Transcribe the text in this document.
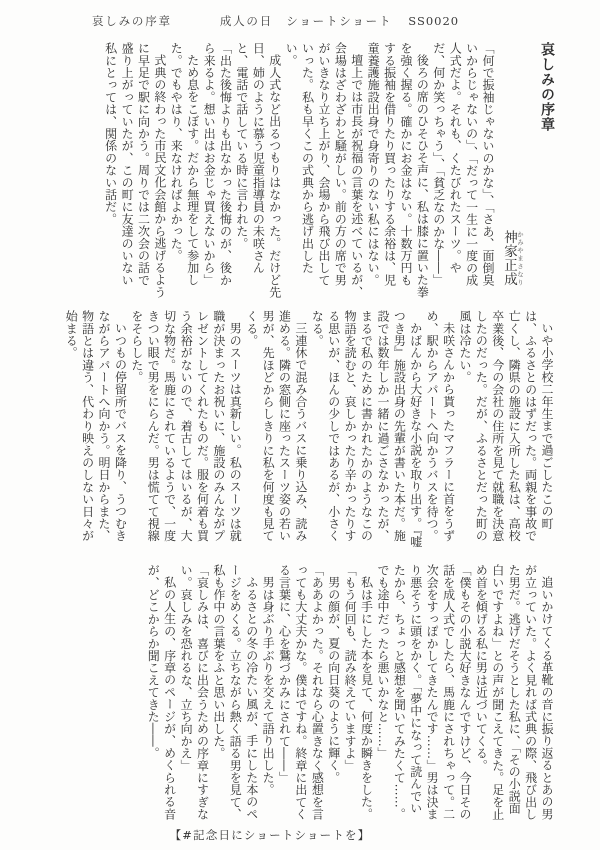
哀しみの序章	成人の日　ショートショート SS0020
哀しみの序章
神家正成 かみやまさなり

「何で振袖じゃないのかな」、「さあ、面倒臭いからじゃないの」、「だって一生に一度の成人式だよ。それも、くたびれたスーツ。やだ、何か笑っちゃう」、「貧乏なのかな――」

後ろの席のひそひそ声に、私は膝に置いた拳を強く握る。確かにお金はない。十数万円もする振袖を借りたり買ったりする余裕は、児童養護施設出身で身寄りのない私にはない。

壇上では市長が祝福の言葉を述べているが、会場はざわざわと騒がしい。前の方の席で男がいきなり立ち上がり、会場から飛び出していった。私も早くこの式典から逃げ出したい。

成人式など出るつもりはなかった。だけど先日、姉のように慕う児童指導員の未咲さんと、電話で話している時に言われた。

「出た後悔よりも出なかった後悔のが、後から来るよ。想い出はお金じゃ買えないから」

ため息をこぼす。だから無理をして参加した。でもやはり、来なければよかった。

式典の終わった市民文化会館から逃げるように早足で駅に向かう。周りでは二次会の話で盛り上がっていたが、この町に友達のいない私にとっては、関係のない話だ。

いや小学校二年生まで過ごしたこの町は、ふるさとのはずだった。両親を事故で亡くし、隣県の施設に入所した私は、高校卒業後、今の会社の住所を見て就職を決意したのだった。だが、ふるさとだった町の風は冷たい。

未咲さんから貰ったマフラーに首をうずめ、駅からアパートへ向かうバスを待つ。

かばんから大好きな小説を取り出す。『嘘つき男』施設出身の先輩が書いた本だ。施設では数年しか一緒に過ごさなかったが、まるで私のために書かれたかのようなこの物語を読むと、哀しかったり辛かったりする思いが、ほんの少しではあるが、小さくなる。

三連休で混み合うバスに乗り込み、読み進める。隣の窓側に座ったスーツ姿の若い男が、先ほどからしきりに私を何度も見てくる。

男のスーツは真新しい。私のスーツは就職が決まったお祝いに、施設のみんながプレゼントしてくれたものだ。服を何着も買う余裕がないので、着古してはいるが、大切な物だ。馬鹿にされているようで、一度きつい眼で男をにらんだ。男は慌てて視線をそらした。

いつもの停留所でバスを降り、うつむきながらアパートへ向かう。明日からまた、物語とは違う、代わり映えのしない日々が始まる。

追いかけてくる革靴の音に振り返るとあの男が立っていた。よく見れば式典の際、飛び出した男だ。逃げだそうとした私に、「その小説面白いですよね」との声が聞こえてきた。足を止め首を傾げる私に男は近づいてくる。

「僕もその小説大好きなんですけど、今日その話を成人式でしたら、馬鹿にされちゃって。二次会をすっぽかしてきたんです……」男は決まり悪そうに頭をかく。「夢中になって読んでいたから、ちょっと感想を聞いてみたくて……。でも途中だったら悪いかなと……」

私は手にした本を見て、何度か瞬きをした。

「もう何回も、読み終えていますよ」

男の顔が、夏の向日葵のように輝く。

「ああよかった。それなら心置きなく感想を言っても大丈夫かな。僕はですね。終章に出てくる言葉に、心を鷲づかみにされて――」

男は身ぶり手ぶりを交えて語り出した。

ふるさとの冬の冷たい風が、手にした本のページをめくる。立ちながら熱く語る男を見て、私も作中の言葉をふと思い出した。

「哀しみは、喜びに出会うための序章にすぎない。哀しみを恐れるな、立ち向かえ」

私の人生の、序章のページが、めくられる音が、どこからか聞こえてきた――。

【#記念日にショートショートを】
